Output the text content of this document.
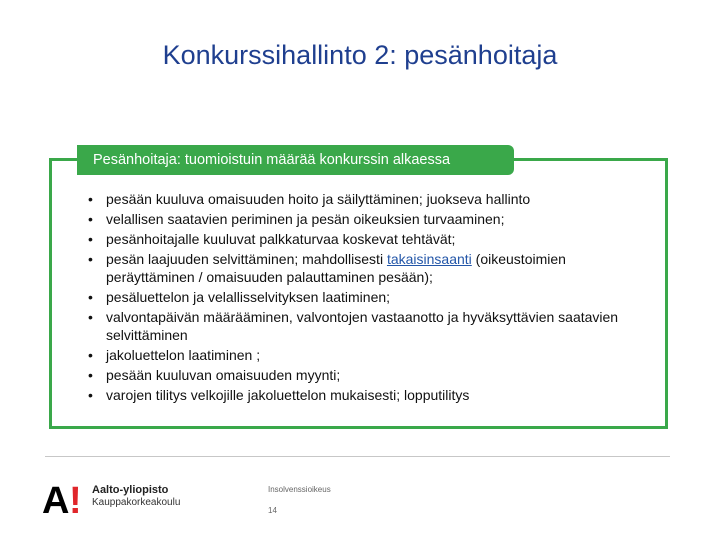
Konkurssihallinto 2: pesänhoitaja
Pesänhoitaja: tuomioistuin määrää konkurssin alkaessa
• pesään kuuluva omaisuuden hoito ja säilyttäminen; juokseva hallinto
• velallisen saatavien periminen ja pesän oikeuksien turvaaminen;
• pesänhoitajalle kuuluvat palkkaturvaa koskevat tehtävät;
• pesän laajuuden selvittäminen; mahdollisesti takaisinsaanti (oikeustoimien peräyttäminen / omaisuuden palauttaminen pesään);
• pesäluettelon ja velallisselvityksen laatiminen;
• valvontapäivän määrääminen, valvontojen vastaanotto ja hyväksyttävien saatavien selvittäminen
• jakoluettelon laatiminen ;
• pesään kuuluvan omaisuuden myynti;
• varojen tilitys velkojille jakoluettelon mukaisesti; lopputilitys
A ! Aalto-yliopisto
Kauppakorkeakoulu
Insolvenssioikeus
14
